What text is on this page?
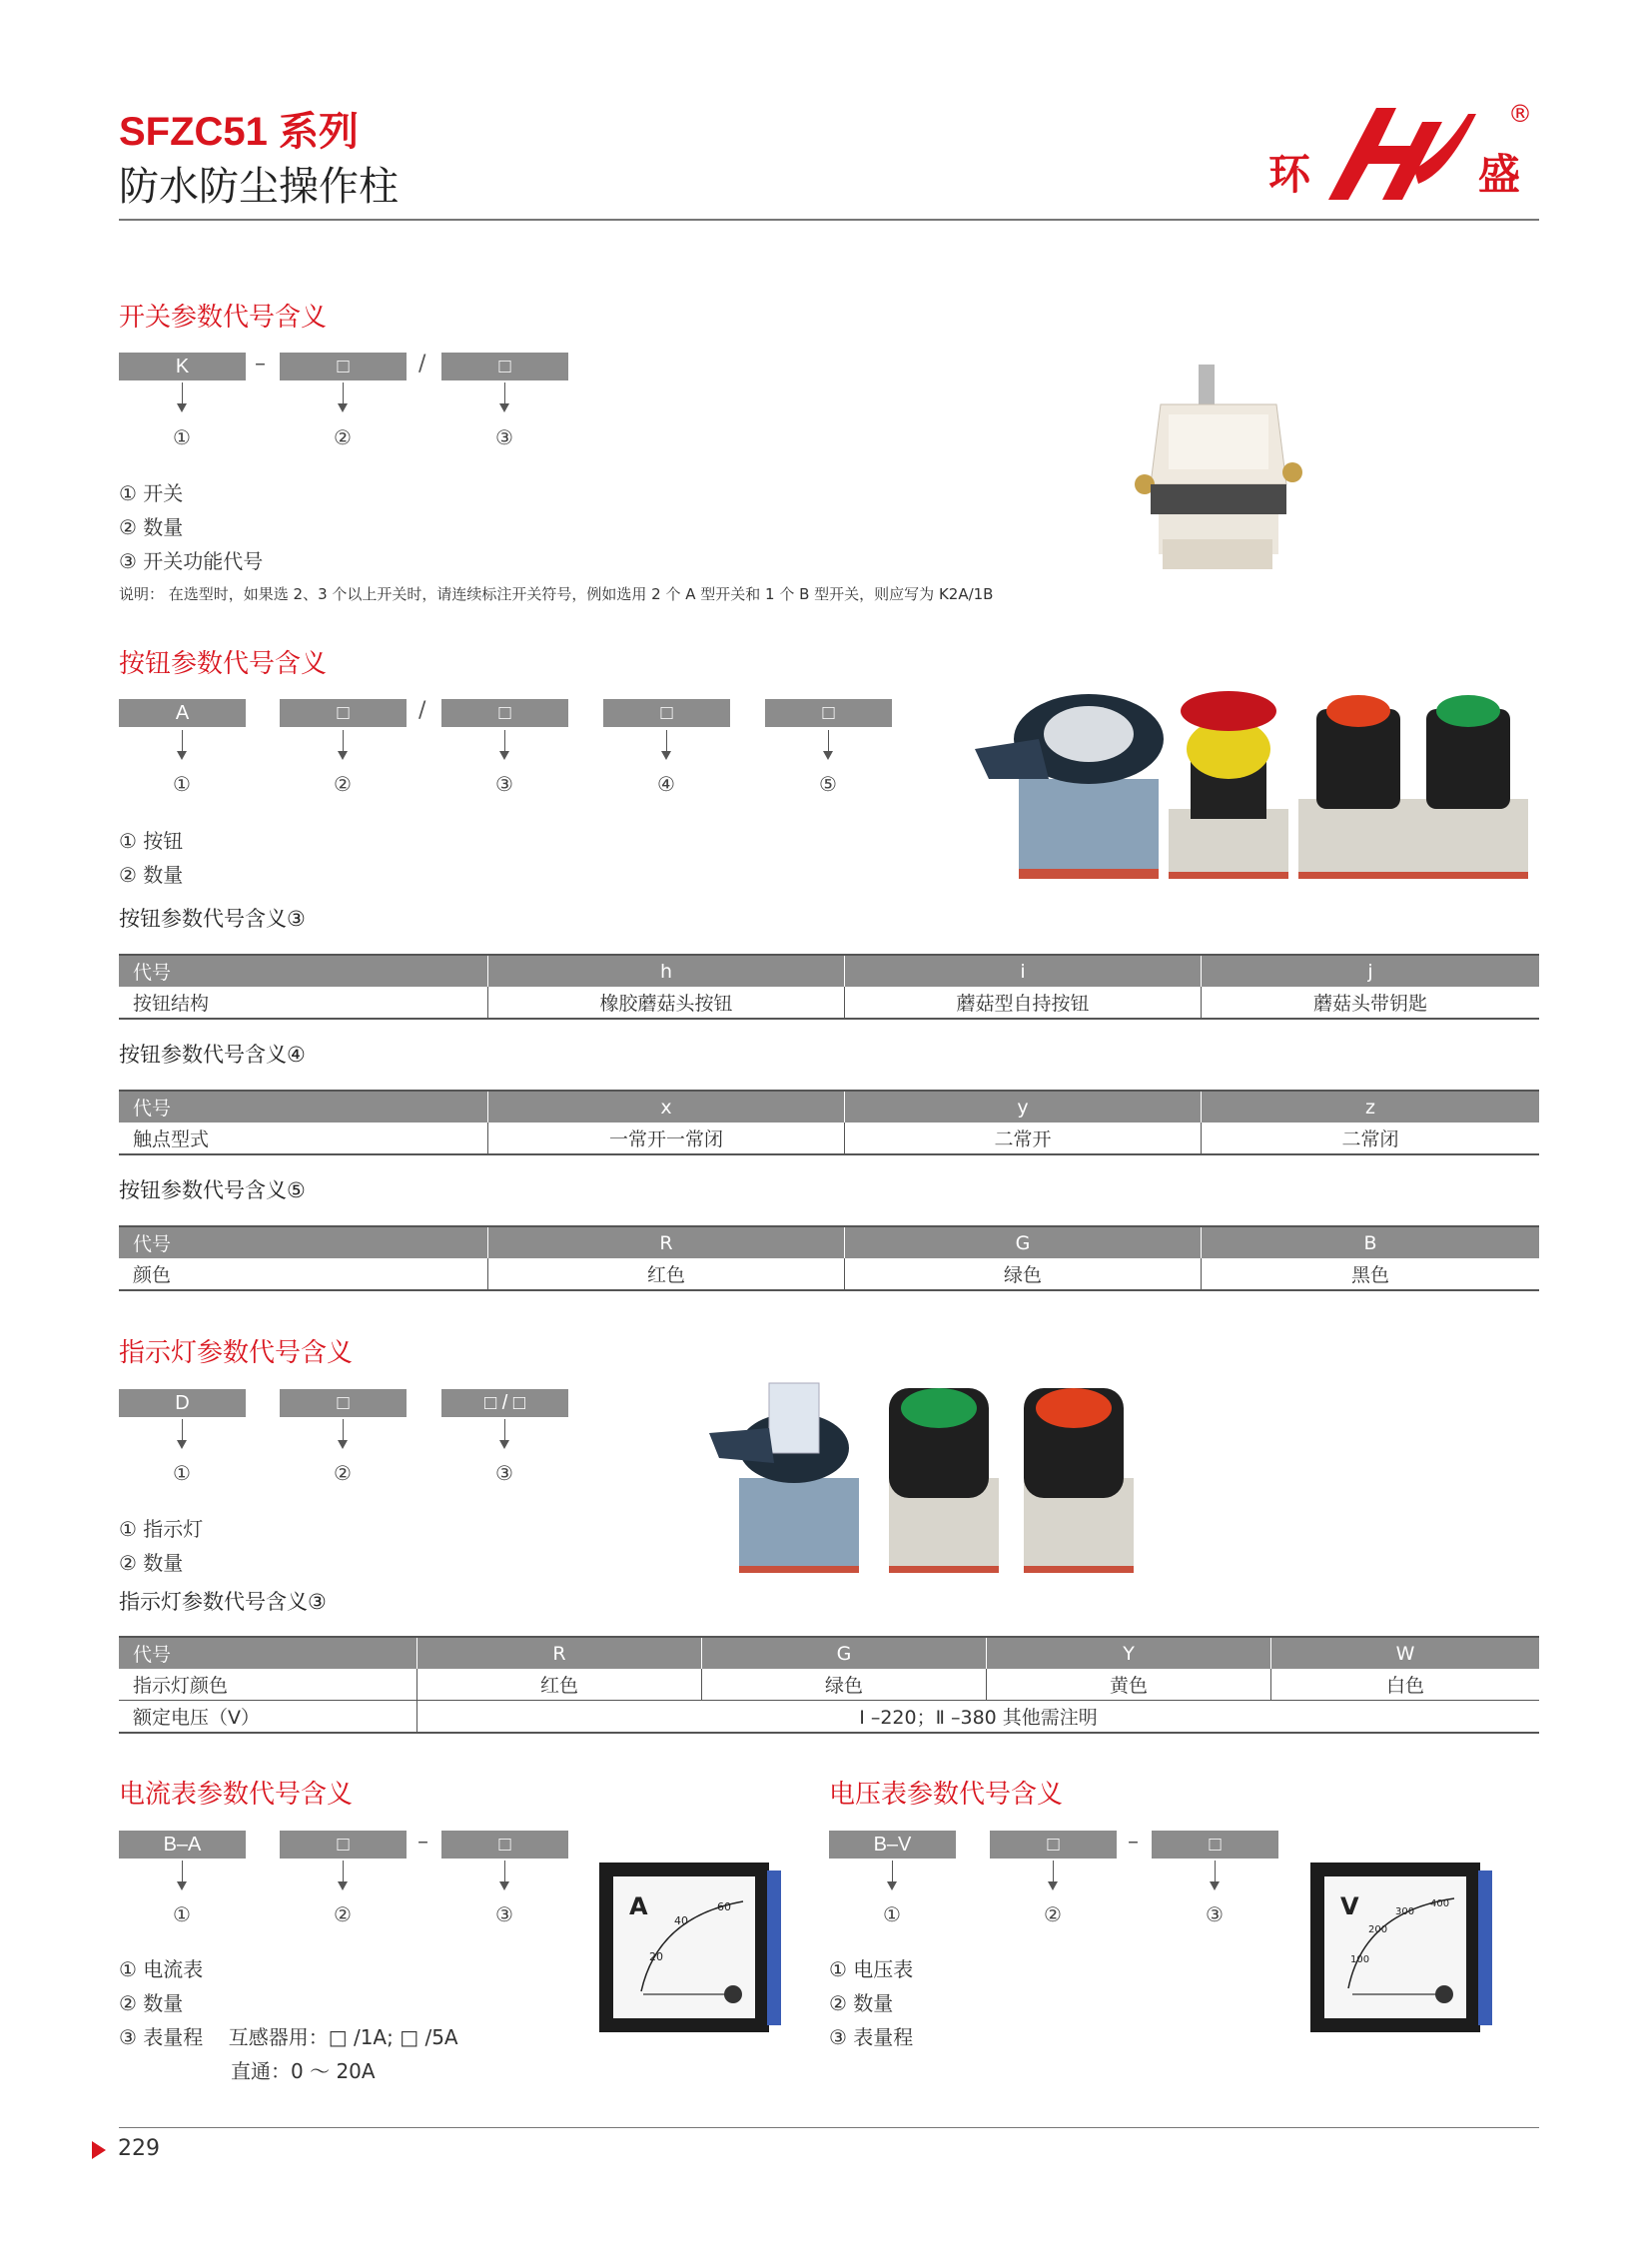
SFZC51 系列
防水防尘操作柱	环	盛
®
开关参数代号含义
K	–	□	/	□
①	②	③
① 开关
② 数量
③ 开关功能代号
说明： 在选型时，如果选 2、3 个以上开关时，请连续标注开关符号，例如选用 2 个 A 型开关和 1 个 B 型开关，则应写为 K2A/1B
按钮参数代号含义
A	□	/	□	□	□
①	②	③	④	⑤
① 按钮
② 数量
按钮参数代号含义③
代号	h	i	j
按钮结构	橡胶蘑菇头按钮	蘑菇型自持按钮	蘑菇头带钥匙
按钮参数代号含义④
代号	x	y	z
触点型式	一常开一常闭	二常开	二常闭
按钮参数代号含义⑤
代号	R	G	B
颜色	红色	绿色	黑色
指示灯参数代号含义
D	□	□ / □
①	②	③
① 指示灯
② 数量
指示灯参数代号含义③
代号	R	G	Y	W
指示灯颜色	红色	绿色	黄色	白色
额定电压（V）	Ⅰ –220；Ⅱ –380 其他需注明			
电流表参数代号含义
B–A	□	–	□
①	②	③
① 电流表
② 数量
③ 表量程    互感器用：□ /1A; □ /5A
直通：0 ～ 20A
A
20
40
60
电压表参数代号含义
B–V	□	–	□
①	②	③
① 电压表
② 数量
③ 表量程
V
100
200
300
400
229
